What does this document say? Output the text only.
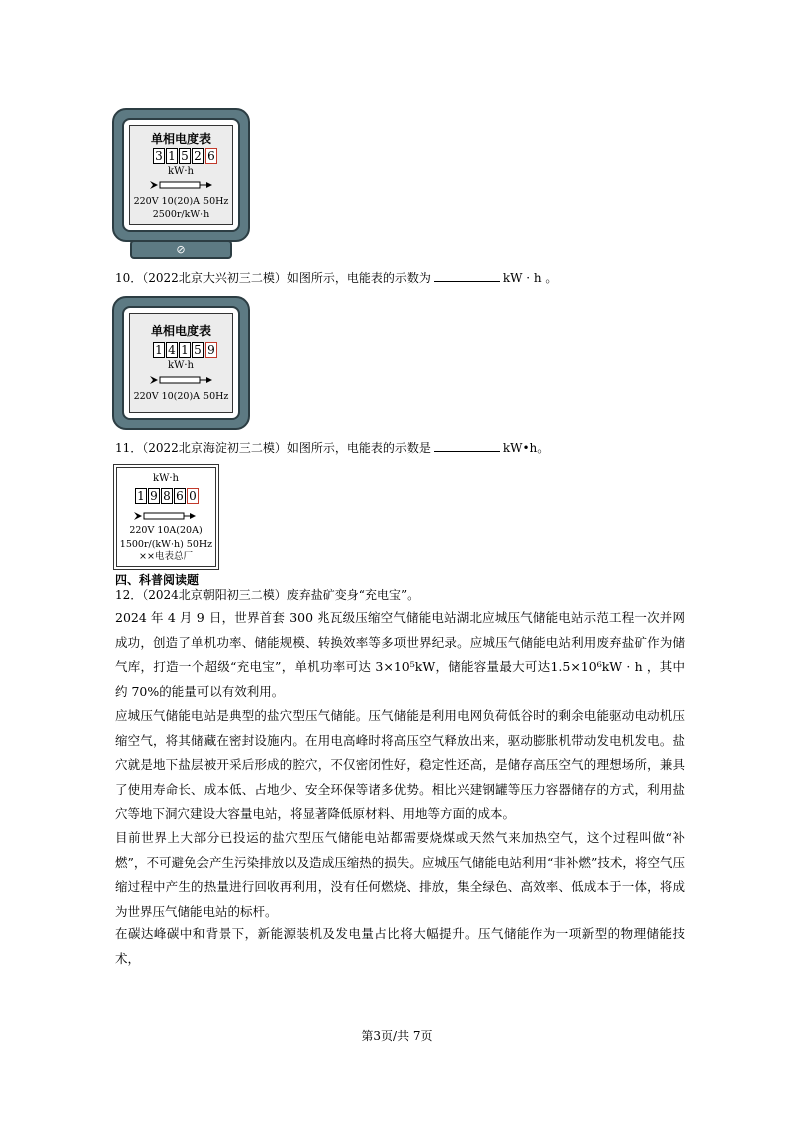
单相电度表
3 1 5 2 6
kW·h
220V 10(20)A 50Hz
2500r/kW·h
⊘
10．（2022北京大兴初三二模）如图所示，电能表的示数为	kW · h 。
单相电度表
1 4 1 5 9
kW·h
220V 10(20)A 50Hz
11．（2022北京海淀初三二模）如图所示，电能表的示数是	kW•h。
kW·h
1 9 8 6 0
220V 10A(20A)
1500r/(kW·h) 50Hz
××电表总厂
四、科普阅读题
12．（2024北京朝阳初三二模）废弃盐矿变身“充电宝”。
2024 年 4 月 9 日，世界首套 300 兆瓦级压缩空气储能电站湖北应城压气储能电站示范工程一次并网成功，创造了单机功率、储能规模、转换效率等多项世界纪录。应城压气储能电站利用废弃盐矿作为储气库，打造一个超级“充电宝”，单机功率可达 3×10⁵kW，储能容量最大可达1.5×10⁶kW · h ，其中约 70%的能量可以有效利用。
应城压气储能电站是典型的盐穴型压气储能。压气储能是利用电网负荷低谷时的剩余电能驱动电动机压缩空气，将其储藏在密封设施内。在用电高峰时将高压空气释放出来，驱动膨胀机带动发电机发电。盐穴就是地下盐层被开采后形成的腔穴，不仅密闭性好，稳定性还高，是储存高压空气的理想场所，兼具了使用寿命长、成本低、占地少、安全环保等诸多优势。相比兴建钢罐等压力容器储存的方式，利用盐穴等地下洞穴建设大容量电站，将显著降低原材料、用地等方面的成本。
目前世界上大部分已投运的盐穴型压气储能电站都需要烧煤或天然气来加热空气，这个过程叫做“补燃”，不可避免会产生污染排放以及造成压缩热的损失。应城压气储能电站利用“非补燃”技术，将空气压缩过程中产生的热量进行回收再利用，没有任何燃烧、排放，集全绿色、高效率、低成本于一体，将成为世界压气储能电站的标杆。
在碳达峰碳中和背景下，新能源装机及发电量占比将大幅提升。压气储能作为一项新型的物理储能技术，
第3页/共 7页
